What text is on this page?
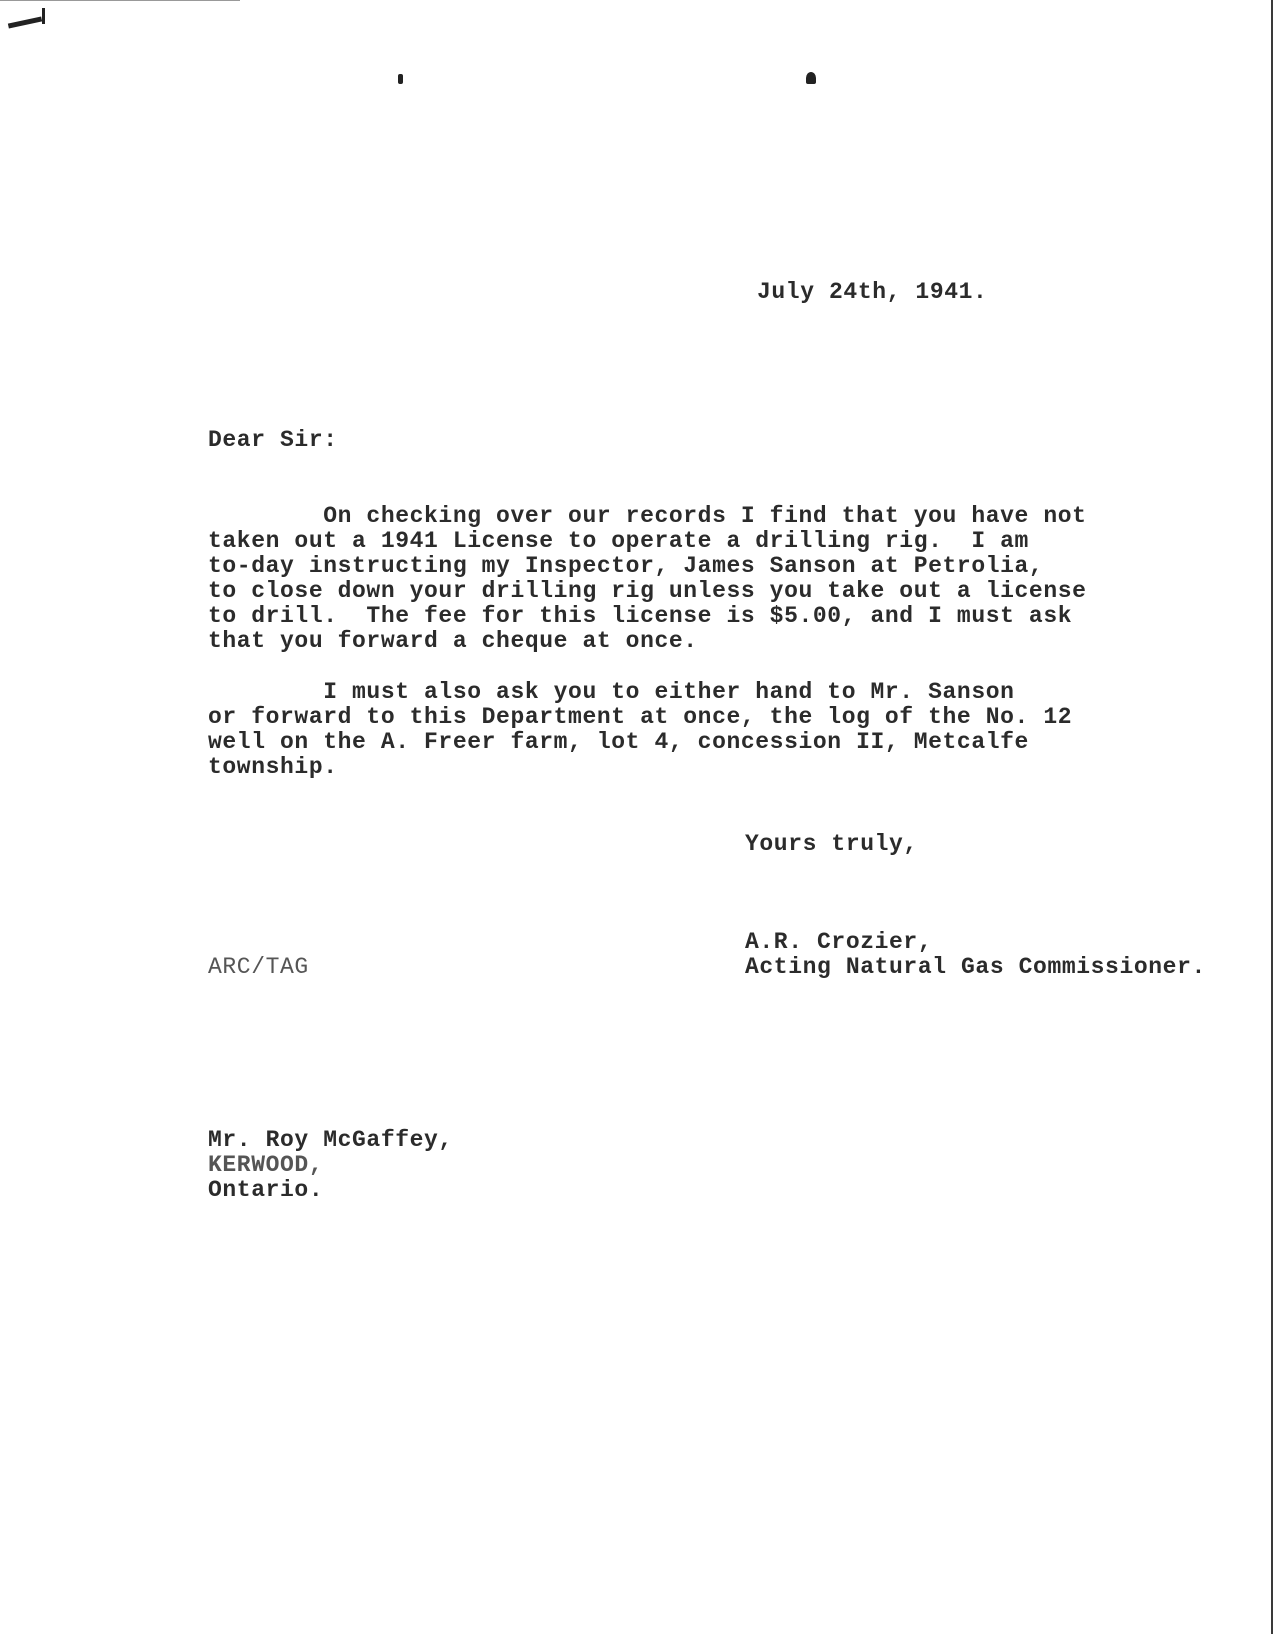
July 24th, 1941.
Dear Sir:
On checking over our records I find that you have not
taken out a 1941 License to operate a drilling rig.  I am
to-day instructing my Inspector, James Sanson at Petrolia,
to close down your drilling rig unless you take out a license
to drill.  The fee for this license is $5.00, and I must ask
that you forward a cheque at once.
I must also ask you to either hand to Mr. Sanson
or forward to this Department at once, the log of the No. 12
well on the A. Freer farm, lot 4, concession II, Metcalfe
township.
Yours truly,
A.R. Crozier,
Acting Natural Gas Commissioner.
ARC/TAG
Mr. Roy McGaffey,
KERWOOD,
Ontario.
